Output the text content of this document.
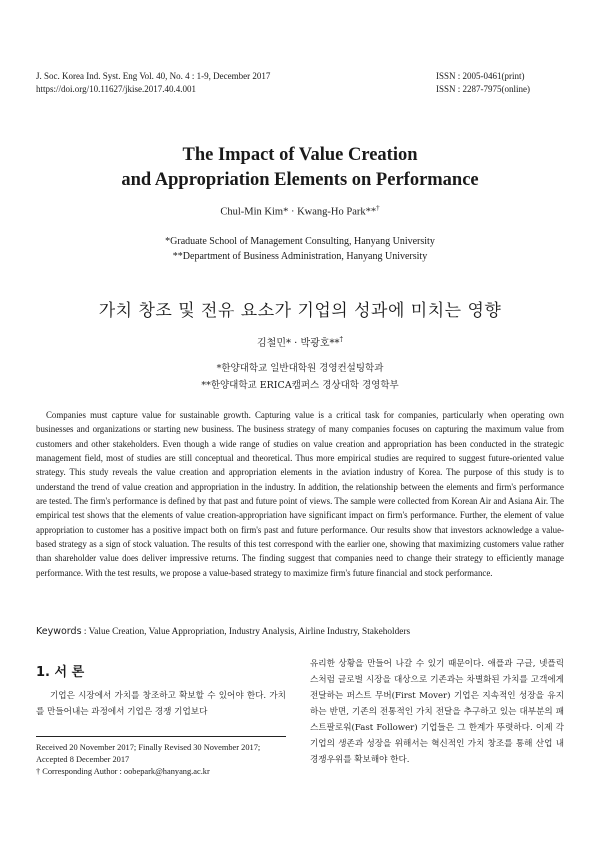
J. Soc. Korea Ind. Syst. Eng Vol. 40, No. 4 : 1-9, December 2017
https://doi.org/10.11627/jkise.2017.40.4.001
ISSN : 2005-0461(print)
ISSN : 2287-7975(online)
The Impact of Value Creation
and Appropriation Elements on Performance
Chul-Min Kim* · Kwang-Ho Park**†
*Graduate School of Management Consulting, Hanyang University
**Department of Business Administration, Hanyang University
가치 창조 및 전유 요소가 기업의 성과에 미치는 영향
김철민* · 박광호**†
*한양대학교 일반대학원 경영컨설팅학과
**한양대학교 ERICA캠퍼스 경상대학 경영학부
Companies must capture value for sustainable growth. Capturing value is a critical task for companies, particularly when operating own businesses and organizations or starting new business. The business strategy of many companies focuses on capturing the maximum value from customers and other stakeholders. Even though a wide range of studies on value creation and appropriation has been conducted in the strategic management field, most of studies are still conceptual and theoretical. Thus more empirical studies are required to suggest future-oriented value strategy. This study reveals the value creation and appropriation elements in the aviation industry of Korea. The purpose of this study is to understand the trend of value creation and appropriation in the industry. In addition, the relationship between the elements and firm's performance are tested. The firm's performance is defined by that past and future point of views. The sample were collected from Korean Air and Asiana Air. The empirical test shows that the elements of value creation-appropriation have significant impact on firm's performance. Further, the element of value appropriation to customer has a positive impact both on firm's past and future performance. Our results show that investors acknowledge a value-based strategy as a sign of stock valuation. The results of this test correspond with the earlier one, showing that maximizing customers value rather than shareholder value does deliver impressive returns. The finding suggest that companies need to change their strategy to efficiently manage performance. With the test results, we propose a value-based strategy to maximize firm's future financial and stock performance.
Keywords : Value Creation, Value Appropriation, Industry Analysis, Airline Industry, Stakeholders
1. 서 론
기업은 시장에서 가치를 창조하고 확보할 수 있어야 한다. 가치를 만들어내는 과정에서 기업은 경쟁 기업보다
유리한 상황을 만들어 나갈 수 있기 때문이다. 애플과 구글, 넷플릭스처럼 글로벌 시장을 대상으로 기존과는 차별화된 가치를 고객에게 전달하는 퍼스트 무버(First Mover) 기업은 지속적인 성장을 유지하는 반면, 기존의 전통적인 가치 전달을 추구하고 있는 대부분의 패스트팔로워(Fast Follower) 기업들은 그 한계가 뚜렷하다. 이제 각 기업의 생존과 성장을 위해서는 혁신적인 가치 창조를 통해 산업 내 경쟁우위를 확보해야 한다.
Received 20 November 2017; Finally Revised 30 November 2017;
Accepted 8 December 2017
† Corresponding Author : oobepark@hanyang.ac.kr
